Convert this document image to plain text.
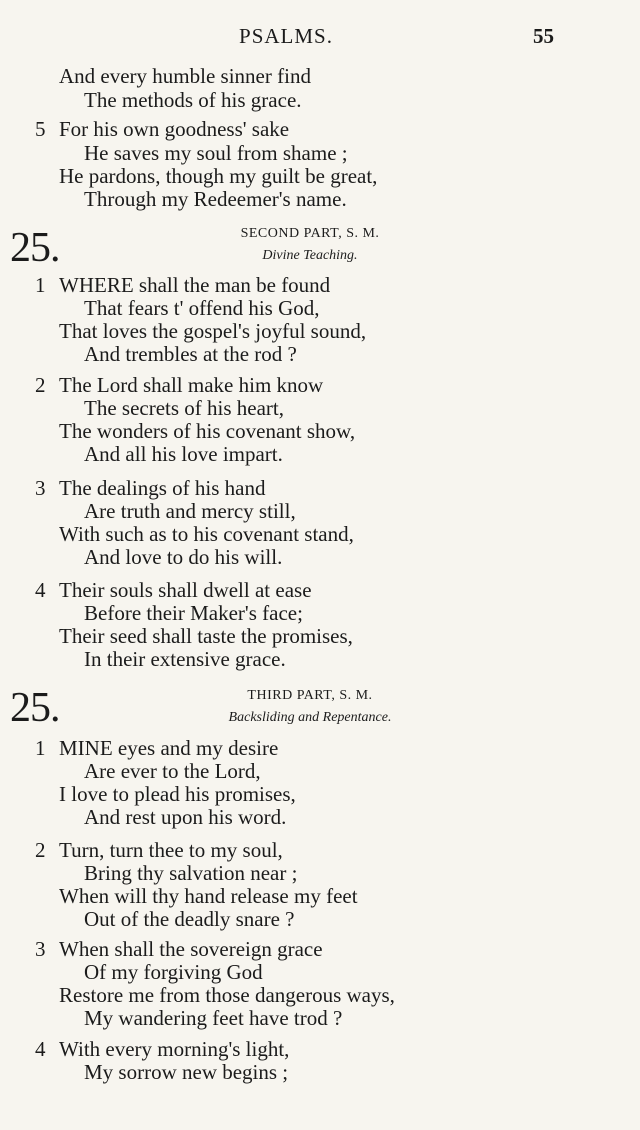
PSALMS.	55
And every humble sinner find
The methods of his grace.
5 For his own goodness' sake
He saves my soul from shame ;
He pardons, though my guilt be great,
Through my Redeemer's name.
25.	SECOND PART, S. M.
Divine Teaching.
1 WHERE shall the man be found
That fears t' offend his God,
That loves the gospel's joyful sound,
And trembles at the rod ?
2 The Lord shall make him know
The secrets of his heart,
The wonders of his covenant show,
And all his love impart.
3 The dealings of his hand
Are truth and mercy still,
With such as to his covenant stand,
And love to do his will.
4 Their souls shall dwell at ease
Before their Maker's face;
Their seed shall taste the promises,
In their extensive grace.
25.	THIRD PART, S. M.
Backsliding and Repentance.
1 MINE eyes and my desire
Are ever to the Lord,
I love to plead his promises,
And rest upon his word.
2 Turn, turn thee to my soul,
Bring thy salvation near ;
When will thy hand release my feet
Out of the deadly snare ?
3 When shall the sovereign grace
Of my forgiving God
Restore me from those dangerous ways,
My wandering feet have trod ?
4 With every morning's light,
My sorrow new begins ;
